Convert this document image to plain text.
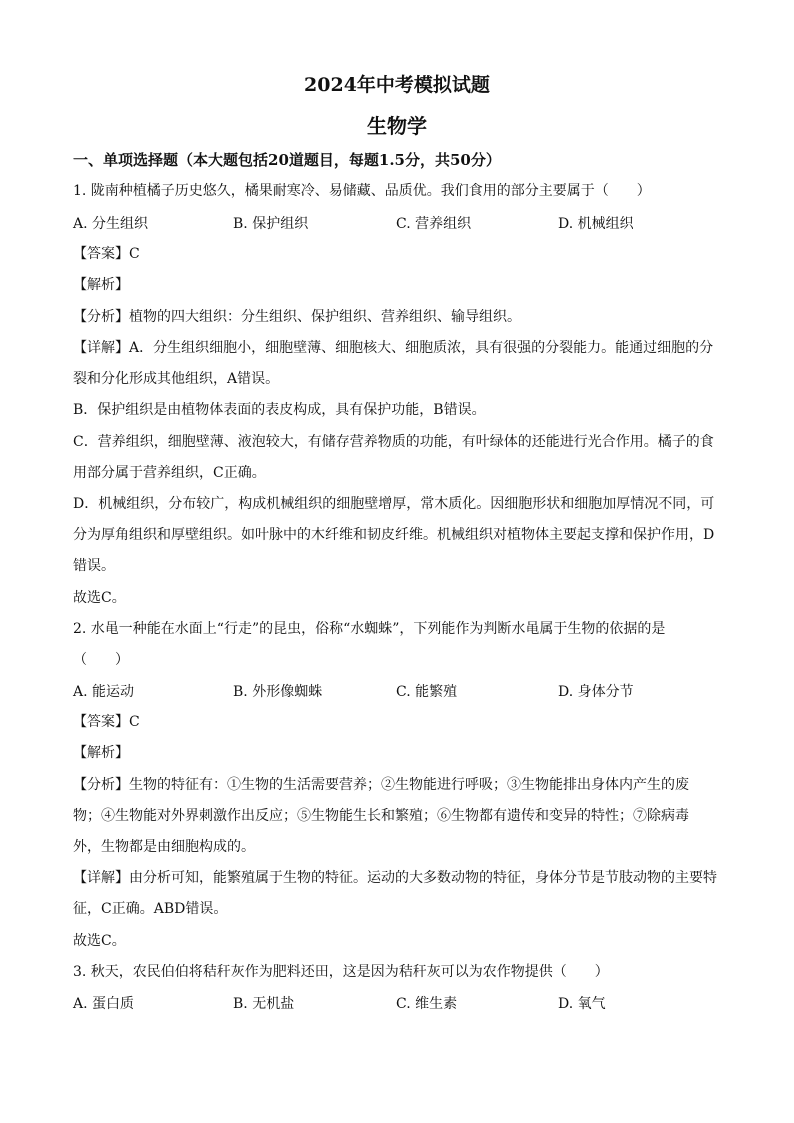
2024年中考模拟试题
生物学
一、单项选择题（本大题包括20道题目，每题1.5分，共50分）
1. 陇南种植橘子历史悠久，橘果耐寒冷、易储藏、品质优。我们食用的部分主要属于（　　）
A. 分生组织	B. 保护组织	C. 营养组织	D. 机械组织
【答案】C
【解析】
【分析】植物的四大组织：分生组织、保护组织、营养组织、输导组织。
【详解】A．分生组织细胞小，细胞壁薄、细胞核大、细胞质浓，具有很强的分裂能力。能通过细胞的分
裂和分化形成其他组织，A错误。
B．保护组织是由植物体表面的表皮构成，具有保护功能，B错误。
C．营养组织，细胞壁薄、液泡较大，有储存营养物质的功能，有叶绿体的还能进行光合作用。橘子的食
用部分属于营养组织，C正确。
D．机械组织，分布较广，构成机械组织的细胞壁增厚，常木质化。因细胞形状和细胞加厚情况不同，可
分为厚角组织和厚壁组织。如叶脉中的木纤维和韧皮纤维。机械组织对植物体主要起支撑和保护作用，D
错误。
故选C。
2. 水黾一种能在水面上“行走”的昆虫，俗称“水蜘蛛”，下列能作为判断水黾属于生物的依据的是
（　　）
A. 能运动	B. 外形像蜘蛛	C. 能繁殖	D. 身体分节
【答案】C
【解析】
【分析】生物的特征有：①生物的生活需要营养；②生物能进行呼吸；③生物能排出身体内产生的废
物；④生物能对外界刺激作出反应；⑤生物能生长和繁殖；⑥生物都有遗传和变异的特性；⑦除病毒
外，生物都是由细胞构成的。
【详解】由分析可知，能繁殖属于生物的特征。运动的大多数动物的特征，身体分节是节肢动物的主要特
征，C正确。ABD错误。
故选C。
3. 秋天，农民伯伯将秸秆灰作为肥料还田，这是因为秸秆灰可以为农作物提供（　　）
A. 蛋白质	B. 无机盐	C. 维生素	D. 氧气
